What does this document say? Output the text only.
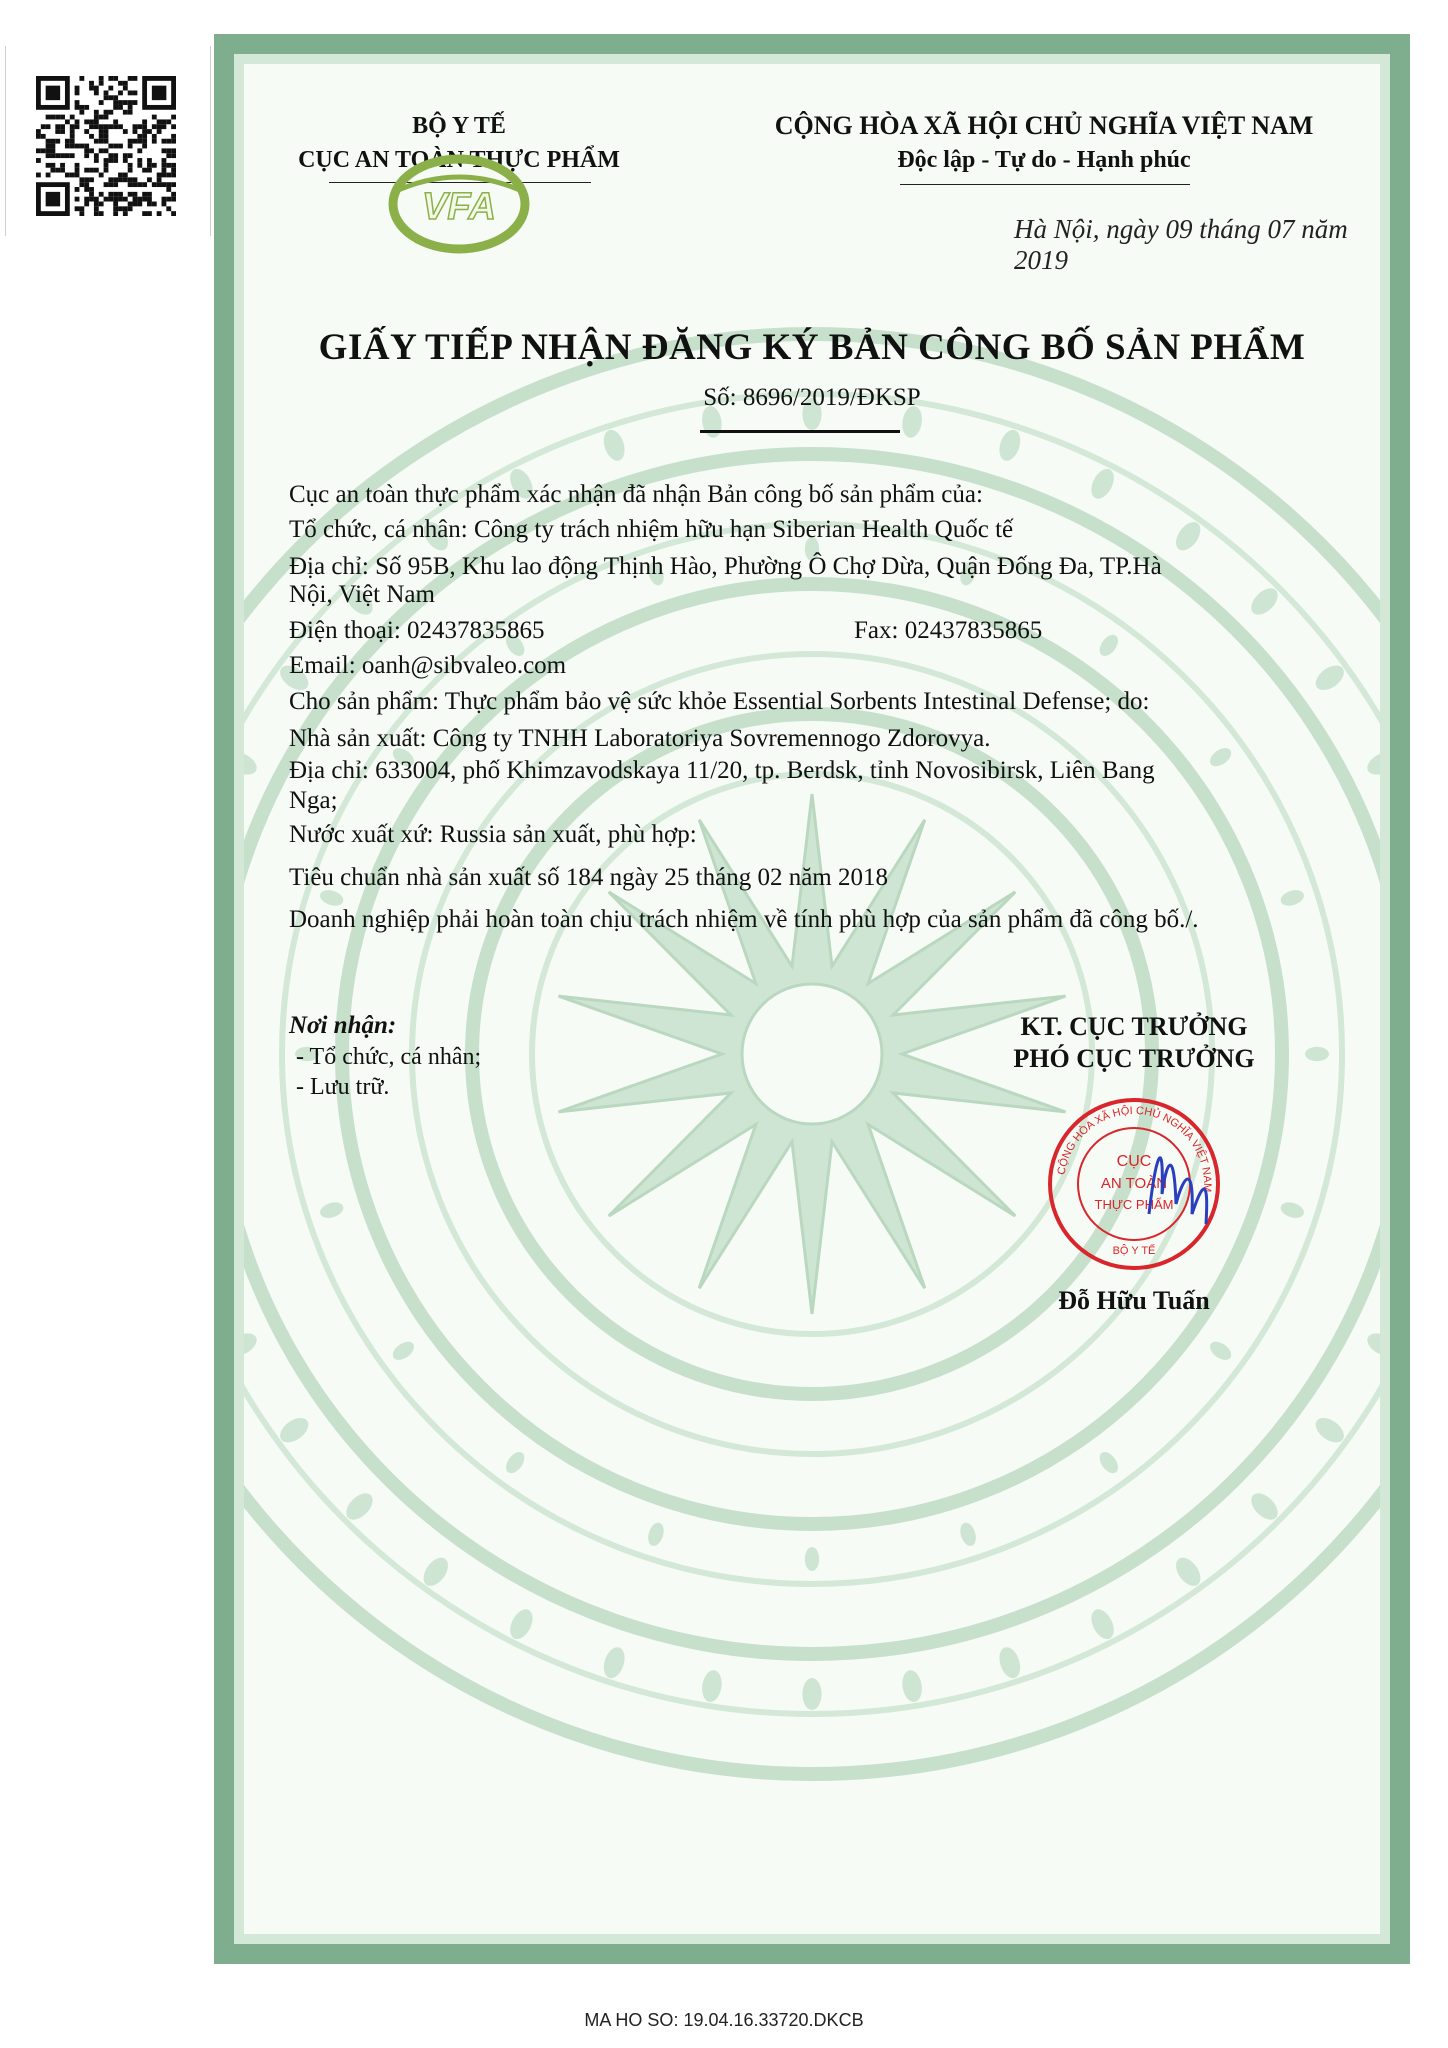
BỘ Y TẾ
CỤC AN TOÀN THỰC PHẨM
VFA
CỘNG HÒA XÃ HỘI CHỦ NGHĨA VIỆT NAM
Độc lập - Tự do - Hạnh phúc
Hà Nội, ngày 09 tháng 07 năm 2019
GIẤY TIẾP NHẬN ĐĂNG KÝ BẢN CÔNG BỐ SẢN PHẨM
Số: 8696/2019/ĐKSP
Cục an toàn thực phẩm xác nhận đã nhận Bản công bố sản phẩm của:
Tổ chức, cá nhân: Công ty trách nhiệm hữu hạn Siberian Health Quốc tế
Địa chỉ: Số 95B, Khu lao động Thịnh Hào, Phường Ô Chợ Dừa, Quận Đống Đa, TP.Hà
Nội, Việt Nam
Điện thoại: 02437835865	Fax: 02437835865
Email: oanh@sibvaleo.com
Cho sản phẩm: Thực phẩm bảo vệ sức khỏe Essential Sorbents Intestinal Defense; do:
Nhà sản xuất: Công ty TNHH Laboratoriya Sovremennogo Zdorovya.
Địa chỉ: 633004, phố Khimzavodskaya 11/20, tp. Berdsk, tỉnh Novosibirsk, Liên Bang
Nga;
Nước xuất xứ: Russia sản xuất, phù hợp:
Tiêu chuẩn nhà sản xuất số 184 ngày 25 tháng 02 năm 2018
Doanh nghiệp phải hoàn toàn chịu trách nhiệm về tính phù hợp của sản phẩm đã công bố./.
Nơi nhận:
- Tổ chức, cá nhân;
- Lưu trữ.
KT. CỤC TRƯỞNG
PHÓ CỤC TRƯỞNG
CỘNG HÒA XÃ HỘI CHỦ NGHĨA VIỆT NAM
CỤC
AN TOÀN
THỰC PHẨM
BỘ Y TẾ
Đỗ Hữu Tuấn
MA HO SO: 19.04.16.33720.DKCB
